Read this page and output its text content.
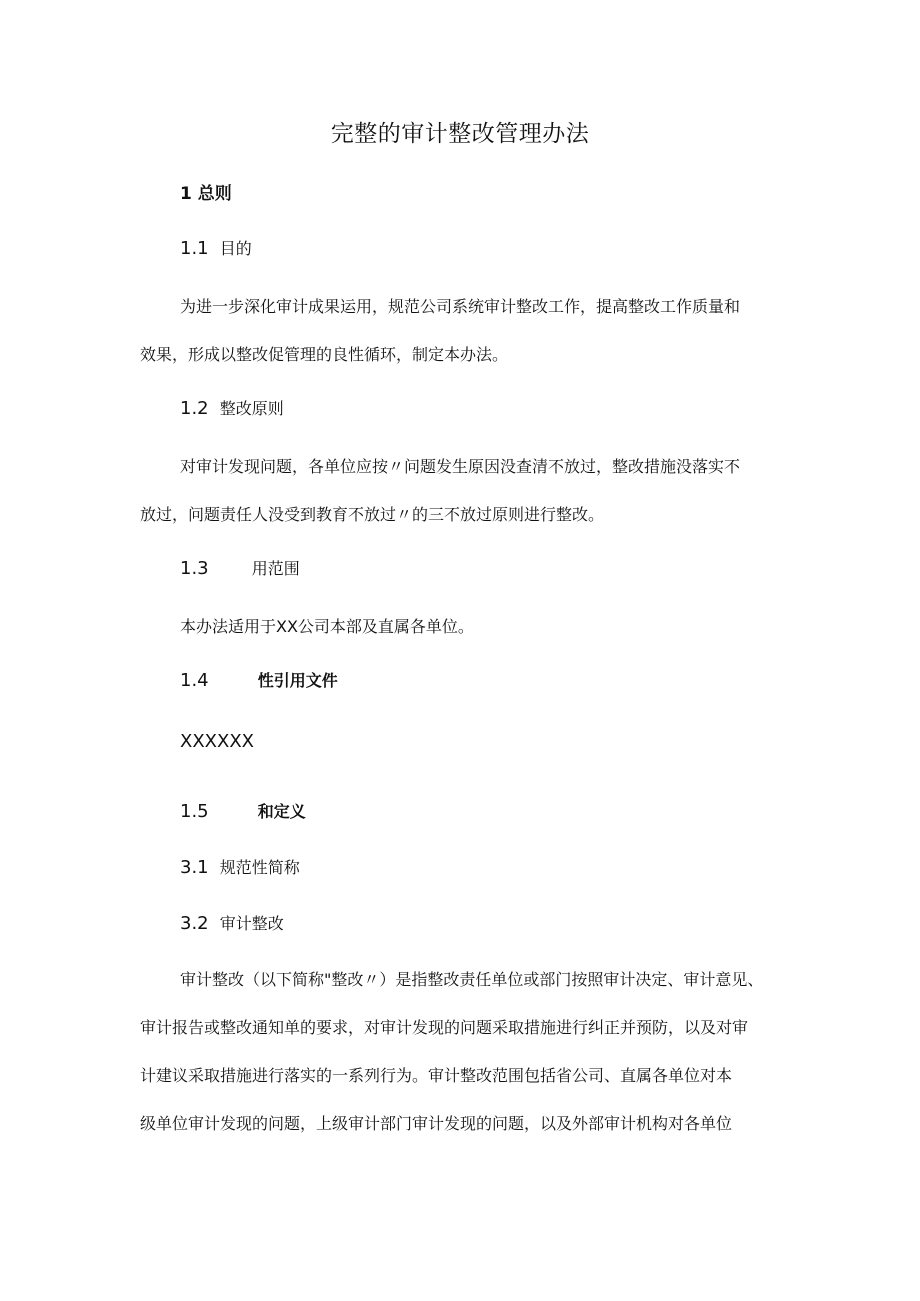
完整的审计整改管理办法
1 总则
1.1 目的
为进一步深化审计成果运用，规范公司系统审计整改工作，提高整改工作质量和
效果，形成以整改促管理的良性循环，制定本办法。
1.2 整改原则
对审计发现问题，各单位应按〃问题发生原因没查清不放过，整改措施没落实不
放过，问题责任人没受到教育不放过〃的三不放过原则进行整改。
1.3	用范围
本办法适用于XX公司本部及直属各单位。
1.4	性引用文件
XXXXXX
1.5	和定义
3.1 规范性简称
3.2 审计整改
审计整改（以下简称"整改〃）是指整改责任单位或部门按照审计决定、审计意见、
审计报告或整改通知单的要求，对审计发现的问题采取措施进行纠正并预防，以及对审
计建议采取措施进行落实的一系列行为。审计整改范围包括省公司、直属各单位对本
级单位审计发现的问题，上级审计部门审计发现的问题，以及外部审计机构对各单位
